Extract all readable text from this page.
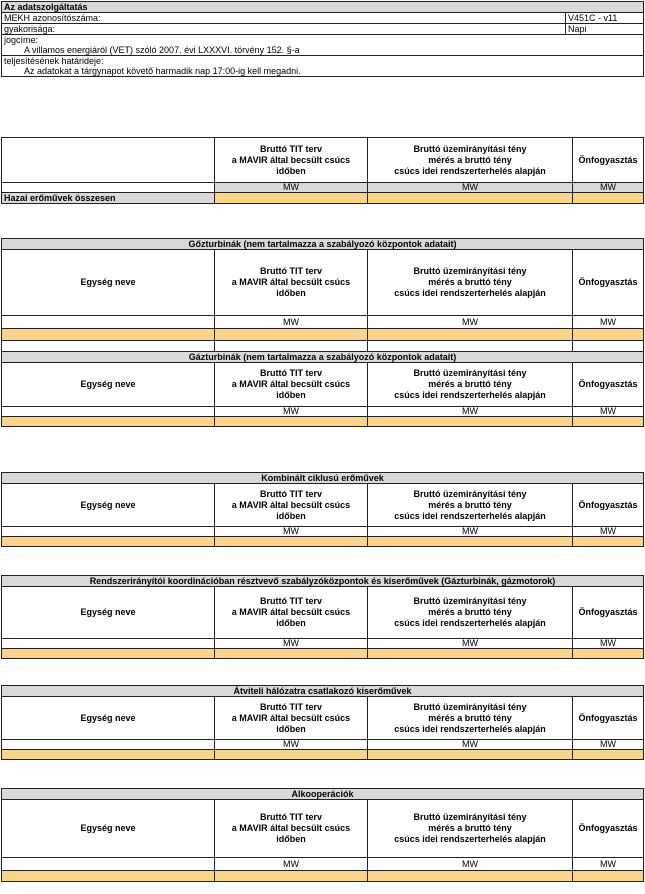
Az adatszolgáltatás	
MEKH azonosítószáma:	V451C - v11
gyakorisága:	Napi
jogcíme:	
A villamos energiáról (VET) szóló 2007. évi LXXXVI. törvény 152. §-a	
teljesítésének határideje:	
Az adatokat a tárgynapot követő harmadik nap 17:00-ig kell megadni.	
	Bruttó TIT terv
a MAVIR által becsült csúcs
időben	Bruttó üzemirányítási tény
mérés a bruttó tény
csúcs idei rendszerterhelés alapján	Önfogyasztás
	MW	MW	MW
Hazai erőművek összesen			
Gőzturbinák (nem tartalmazza a szabályozó központok adatait)			
Egység neve	Bruttó TIT terv
a MAVIR által becsült csúcs
időben	Bruttó üzemirányítási tény
mérés a bruttó tény
csúcs idei rendszerterhelés alapján	Önfogyasztás
	MW	MW	MW

Gázturbinák (nem tartalmazza a szabályozó központok adatait)			
Egység neve	Bruttó TIT terv
a MAVIR által becsült csúcs
időben	Bruttó üzemirányítási tény
mérés a bruttó tény
csúcs idei rendszerterhelés alapján	Önfogyasztás
	MW	MW	MW

Kombinált ciklusú erőművek			
Egység neve	Bruttó TIT terv
a MAVIR által becsült csúcs
időben	Bruttó üzemirányítási tény
mérés a bruttó tény
csúcs idei rendszerterhelés alapján	Önfogyasztás
	MW	MW	MW

Rendszerirányítói koordinációban résztvevő szabályzóközpontok és kiserőművek (Gázturbinák, gázmotorok)			
Egység neve	Bruttó TIT terv
a MAVIR által becsült csúcs
időben	Bruttó üzemirányítási tény
mérés a bruttó tény
csúcs idei rendszerterhelés alapján	Önfogyasztás
	MW	MW	MW

Átviteli hálózatra csatlakozó kiserőművek			
Egység neve	Bruttó TIT terv
a MAVIR által becsült csúcs
időben	Bruttó üzemirányítási tény
mérés a bruttó tény
csúcs idei rendszerterhelés alapján	Önfogyasztás
	MW	MW	MW

Alkooperációk			
Egység neve	Bruttó TIT terv
a MAVIR által becsült csúcs
időben	Bruttó üzemirányítási tény
mérés a bruttó tény
csúcs idei rendszerterhelés alapján	Önfogyasztás
	MW	MW	MW
